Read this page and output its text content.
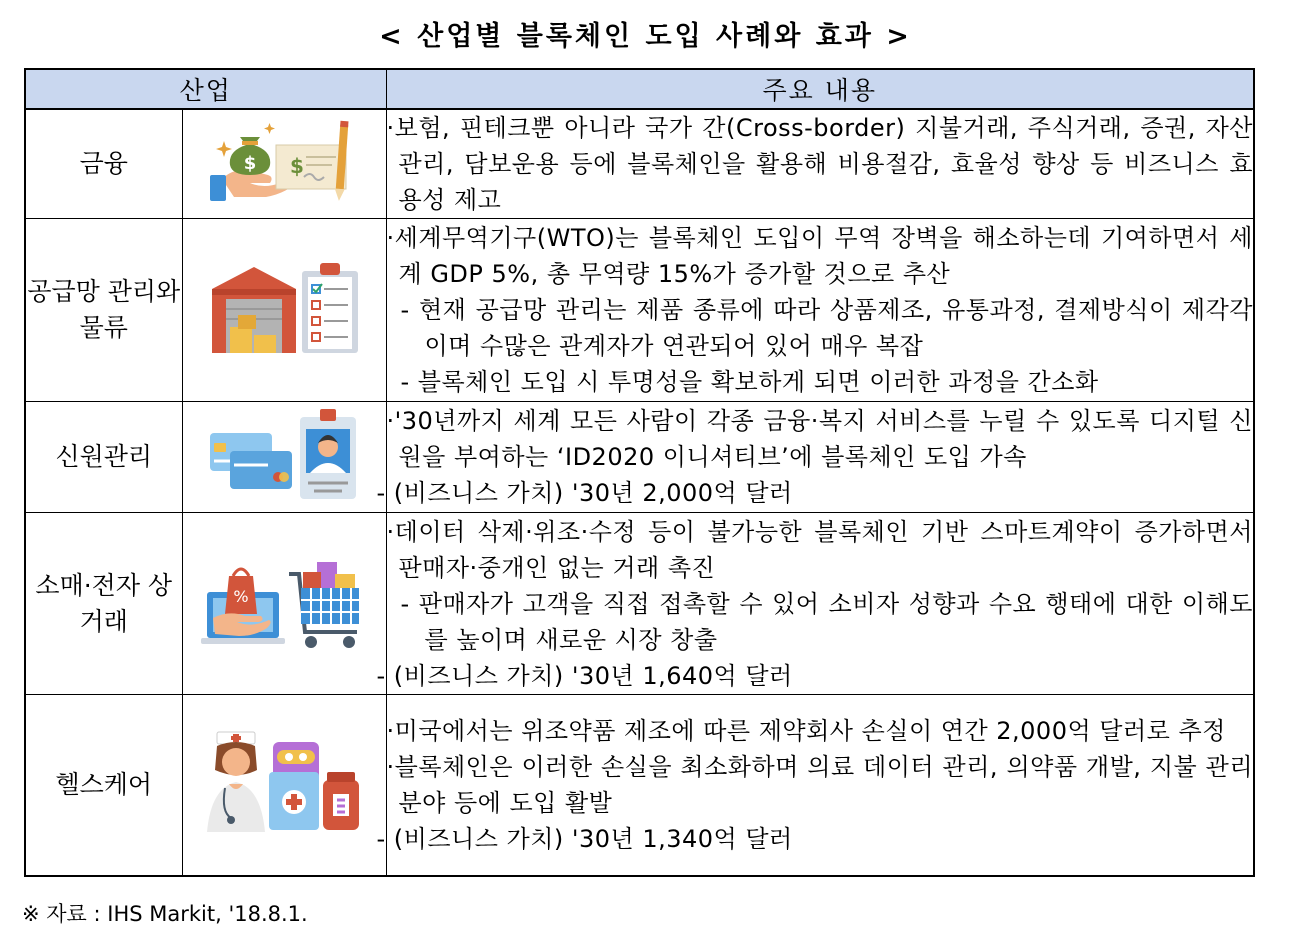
< 산업별 블록체인 도입 사례와 효과 >
산업		주요 내용
금융	$ $	·보험, 핀테크뿐 아니라 국가 간(Cross-border) 지불거래, 주식거래, 증권, 자산관리, 담보운용 등에 블록체인을 활용해 비용절감, 효율성 향상 등 비즈니스 효용성 제고

공급망 관리와 물류		·세계무역기구(WTO)는 블록체인 도입이 무역 장벽을 해소하는데 기여하면서 세계 GDP 5%, 총 무역량 15%가 증가할 것으로 추산
- 현재 공급망 관리는 제품 종류에 따라 상품제조, 유통과정, 결제방식이 제각각이며 수많은 관계자가 연관되어 있어 매우 복잡
- 블록체인 도입 시 투명성을 확보하게 되면 이러한 과정을 간소화

신원관리		·'30년까지 세계 모든 사람이 각종 금융·복지 서비스를 누릴 수 있도록 디지털 신원을 부여하는 ‘ID2020 이니셔티브’에 블록체인 도입 가속
- (비즈니스 가치) '30년 2,000억 달러

소매·전자 상거래	%	·데이터 삭제·위조·수정 등이 불가능한 블록체인 기반 스마트계약이 증가하면서 판매자·중개인 없는 거래 촉진
- 판매자가 고객을 직접 접촉할 수 있어 소비자 성향과 수요 행태에 대한 이해도를 높이며 새로운 시장 창출
- (비즈니스 가치) '30년 1,640억 달러

헬스케어		·미국에서는 위조약품 제조에 따른 제약회사 손실이 연간 2,000억 달러로 추정
·블록체인은 이러한 손실을 최소화하며 의료 데이터 관리, 의약품 개발, 지불 관리 분야 등에 도입 활발
- (비즈니스 가치) '30년 1,340억 달러
※ 자료 : IHS Markit, '18.8.1.
